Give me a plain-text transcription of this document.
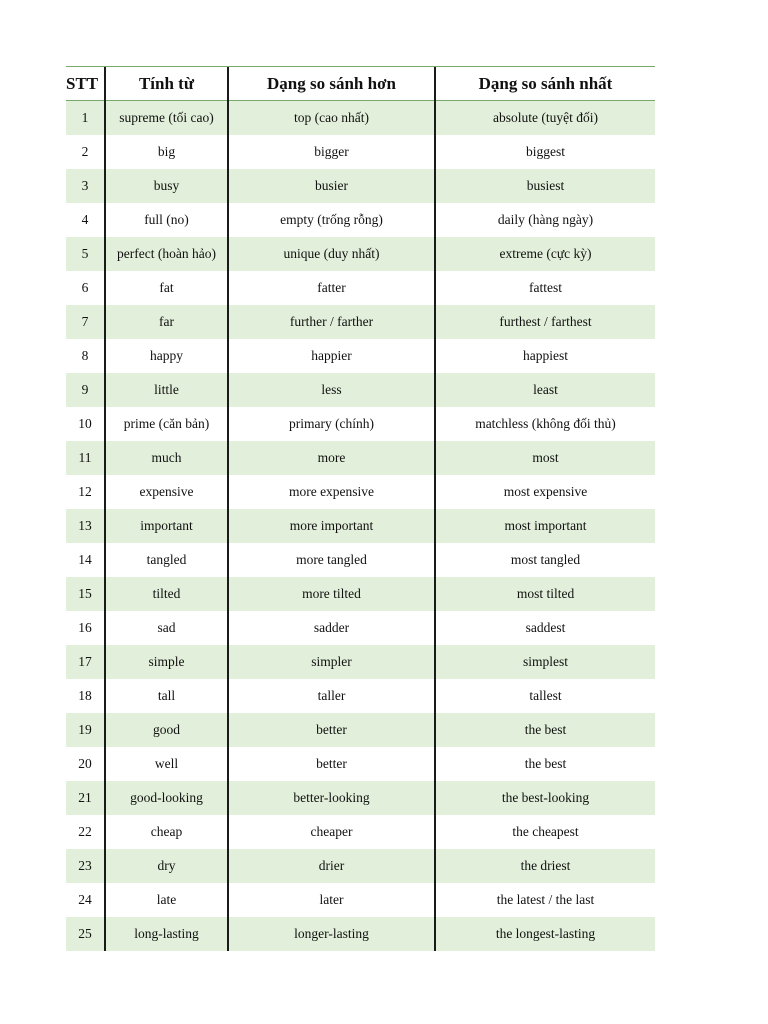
STT	Tính từ	Dạng so sánh hơn	Dạng so sánh nhất
1	supreme (tối cao)	top (cao nhất)	absolute (tuyệt đối)
2	big	bigger	biggest
3	busy	busier	busiest
4	full (no)	empty (trống rỗng)	daily (hàng ngày)
5	perfect (hoàn hảo)	unique (duy nhất)	extreme (cực kỳ)
6	fat	fatter	fattest
7	far	further / farther	furthest / farthest
8	happy	happier	happiest
9	little	less	least
10	prime (căn bản)	primary (chính)	matchless (không đối thủ)
11	much	more	most
12	expensive	more expensive	most expensive
13	important	more important	most important
14	tangled	more tangled	most tangled
15	tilted	more tilted	most tilted
16	sad	sadder	saddest
17	simple	simpler	simplest
18	tall	taller	tallest
19	good	better	the best
20	well	better	the best
21	good-looking	better-looking	the best-looking
22	cheap	cheaper	the cheapest
23	dry	drier	the driest
24	late	later	the latest / the last
25	long-lasting	longer-lasting	the longest-lasting
